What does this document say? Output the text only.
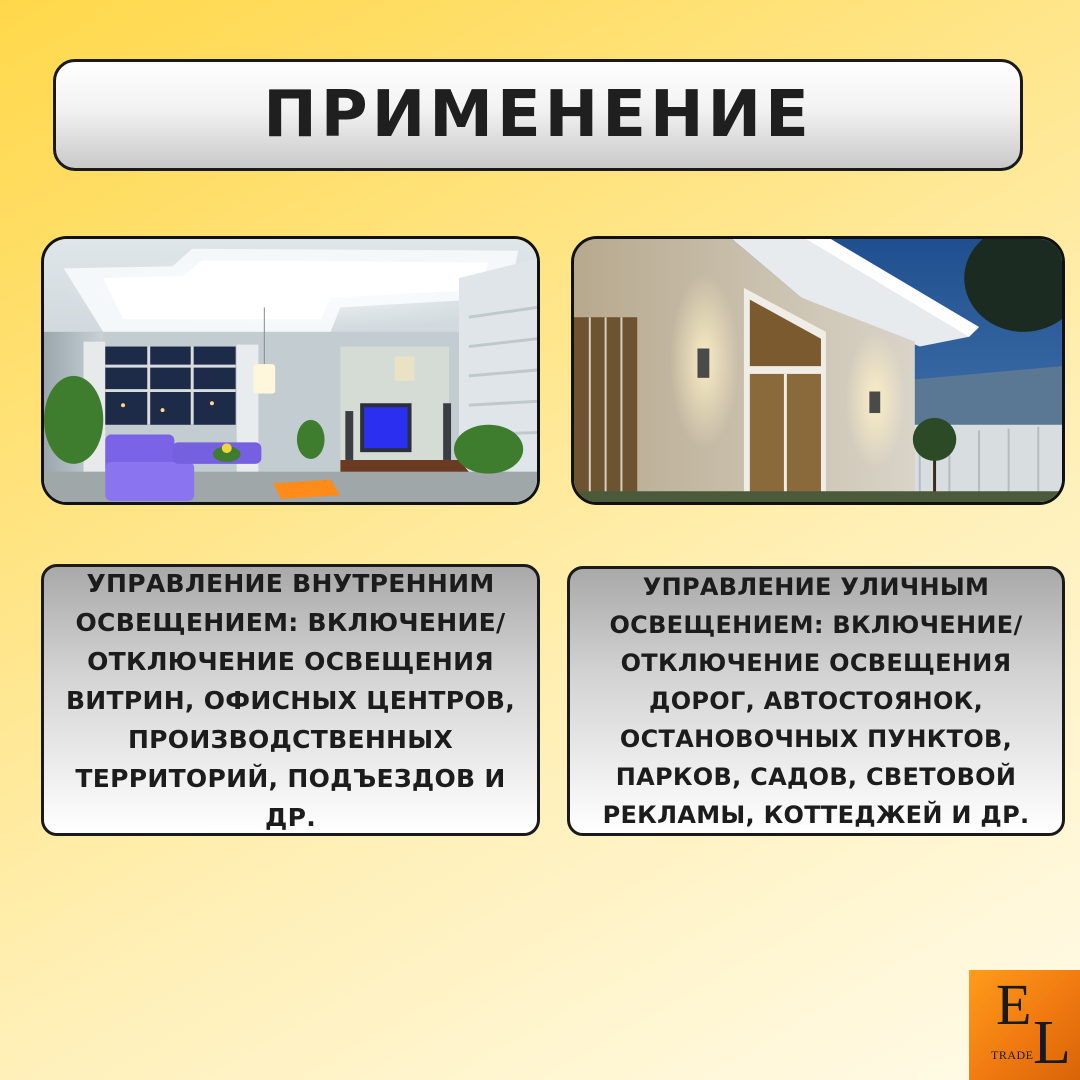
ПРИМЕНЕНИЕ
УПРАВЛЕНИЕ ВНУТРЕННИМ ОСВЕЩЕНИЕМ: ВКЛЮЧЕНИЕ/ ОТКЛЮЧЕНИЕ ОСВЕЩЕНИЯ ВИТРИН, ОФИСНЫХ ЦЕНТРОВ, ПРОИЗВОДСТВЕННЫХ ТЕРРИТОРИЙ, ПОДЪЕЗДОВ И ДР.
УПРАВЛЕНИЕ УЛИЧНЫМ ОСВЕЩЕНИЕМ: ВКЛЮЧЕНИЕ/ ОТКЛЮЧЕНИЕ ОСВЕЩЕНИЯ ДОРОГ, АВТОСТОЯНОК, ОСТАНОВОЧНЫХ ПУНКТОВ, ПАРКОВ, САДОВ, СВЕТОВОЙ РЕКЛАМЫ, КОТТЕДЖЕЙ И ДР.
E
L
TRADE
